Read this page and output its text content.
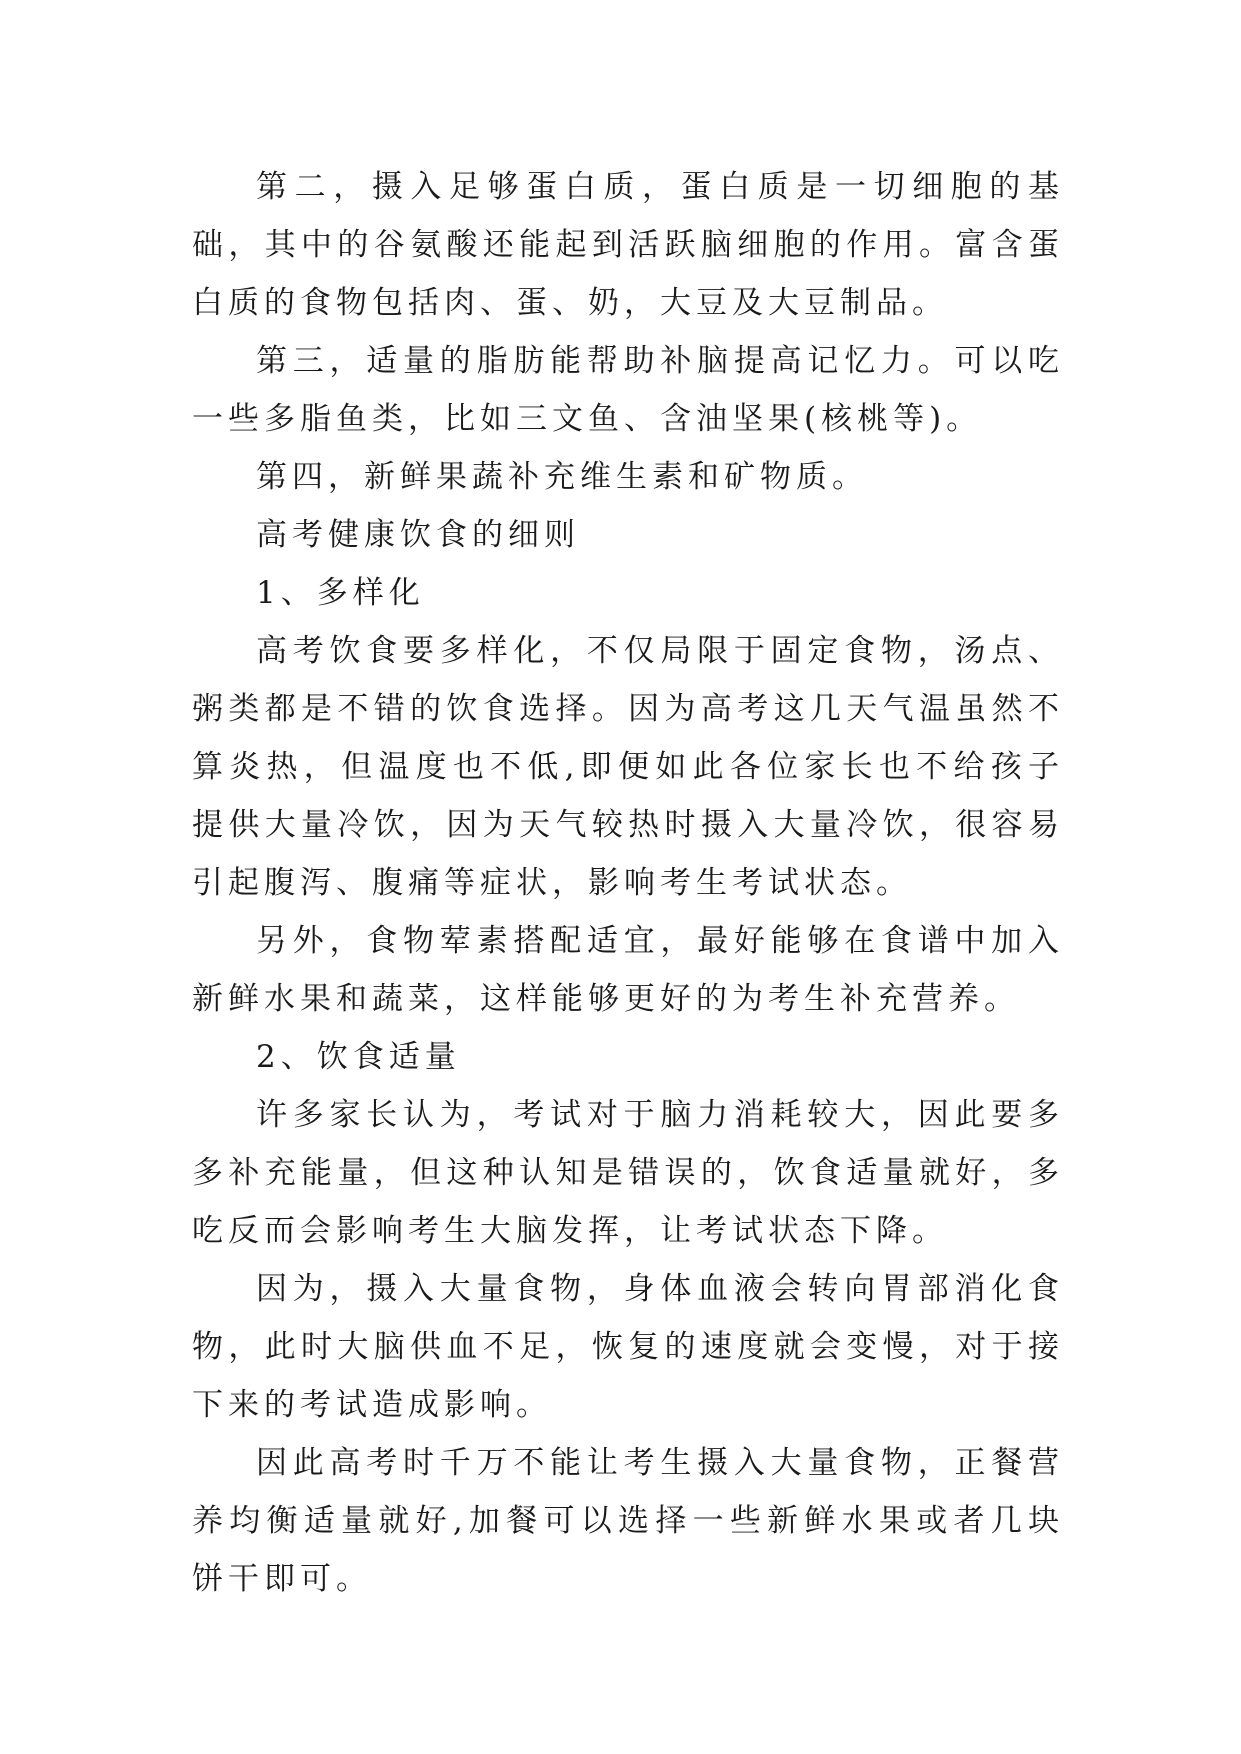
第二，摄入足够蛋白质，蛋白质是一切细胞的基础，其中的谷氨酸还能起到活跃脑细胞的作用。富含蛋白质的食物包括肉、蛋、奶，大豆及大豆制品。

第三，适量的脂肪能帮助补脑提高记忆力。可以吃一些多脂鱼类，比如三文鱼、含油坚果(核桃等)。

第四，新鲜果蔬补充维生素和矿物质。

高考健康饮食的细则

1、多样化

高考饮食要多样化，不仅局限于固定食物，汤点、粥类都是不错的饮食选择。因为高考这几天气温虽然不算炎热，但温度也不低,即便如此各位家长也不给孩子提供大量冷饮，因为天气较热时摄入大量冷饮，很容易引起腹泻、腹痛等症状，影响考生考试状态。

另外，食物荤素搭配适宜，最好能够在食谱中加入新鲜水果和蔬菜，这样能够更好的为考生补充营养。

2、饮食适量

许多家长认为，考试对于脑力消耗较大，因此要多多补充能量，但这种认知是错误的，饮食适量就好，多吃反而会影响考生大脑发挥，让考试状态下降。

因为，摄入大量食物，身体血液会转向胃部消化食物，此时大脑供血不足，恢复的速度就会变慢，对于接下来的考试造成影响。

因此高考时千万不能让考生摄入大量食物，正餐营养均衡适量就好,加餐可以选择一些新鲜水果或者几块饼干即可。
